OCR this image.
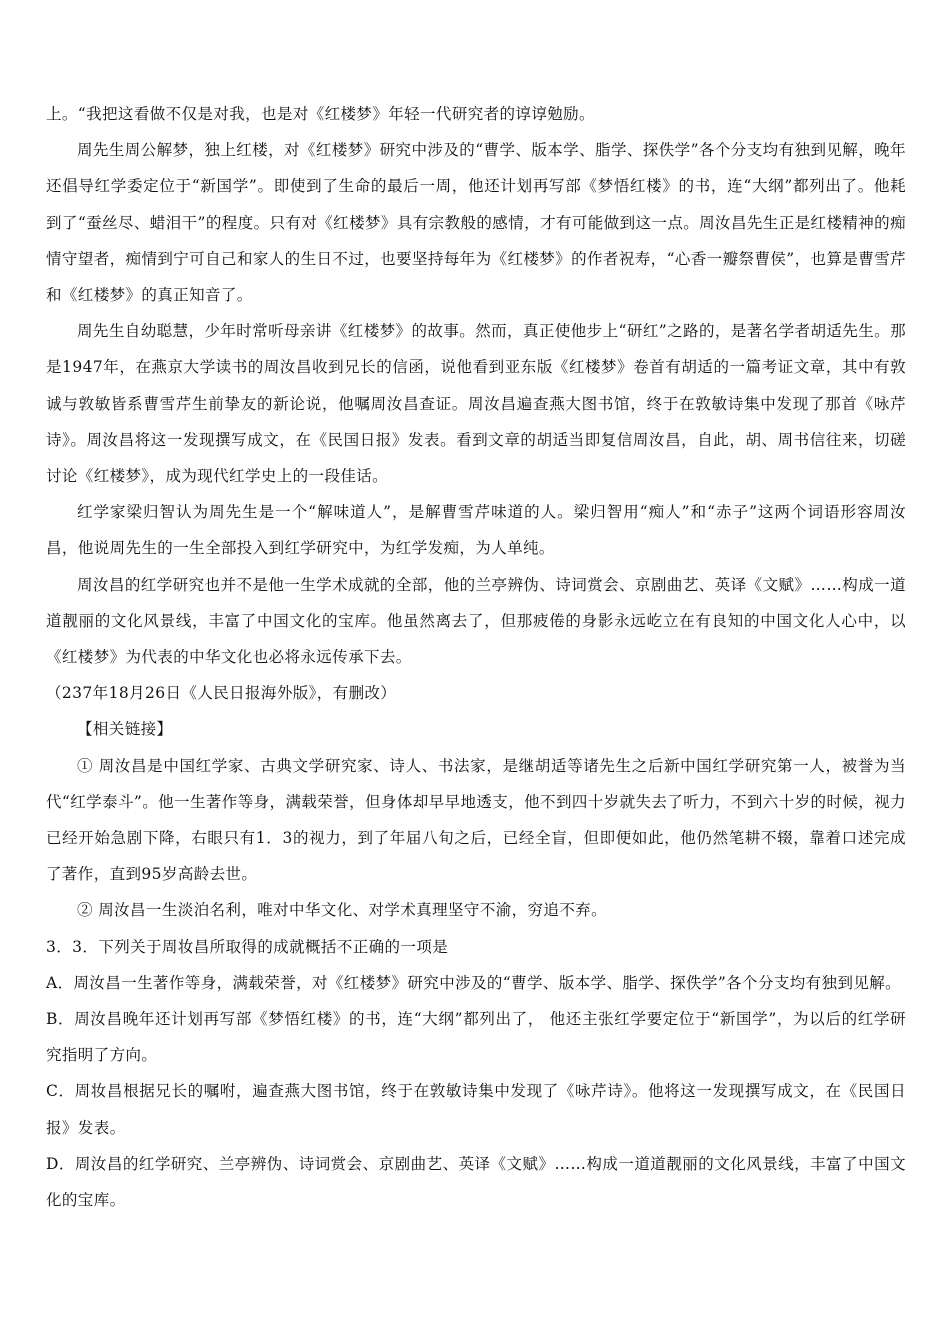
上。“我把这看做不仅是对我，也是对《红楼梦》年轻一代研究者的谆谆勉励。

周先生周公解梦，独上红楼，对《红楼梦》研究中涉及的“曹学、版本学、脂学、探佚学”各个分支均有独到见解，晚年还倡导红学委定位于“新国学”。即使到了生命的最后一周，他还计划再写部《梦悟红楼》的书，连“大纲”都列出了。他耗到了“蚕丝尽、蜡泪干”的程度。只有对《红楼梦》具有宗教般的感情，才有可能做到这一点。周汝昌先生正是红楼精神的痴情守望者，痴情到宁可自己和家人的生日不过，也要坚持每年为《红楼梦》的作者祝寿，“心香一瓣祭曹侯”，也算是曹雪芹和《红楼梦》的真正知音了。

周先生自幼聪慧，少年时常听母亲讲《红楼梦》的故事。然而，真正使他步上“研红”之路的，是著名学者胡适先生。那是1947年，在燕京大学读书的周汝昌收到兄长的信函，说他看到亚东版《红楼梦》卷首有胡适的一篇考证文章，其中有敦诚与敦敏皆系曹雪芹生前挚友的新论说，他嘱周汝昌查证。周汝昌遍查燕大图书馆，终于在敦敏诗集中发现了那首《咏芹诗》。周汝昌将这一发现撰写成文，在《民国日报》发表。看到文章的胡适当即复信周汝昌，自此，胡、周书信往来，切磋讨论《红楼梦》，成为现代红学史上的一段佳话。

红学家梁归智认为周先生是一个“解味道人”，是解曹雪芹味道的人。梁归智用“痴人”和“赤子”这两个词语形容周汝昌，他说周先生的一生全部投入到红学研究中，为红学发痴，为人单纯。

周汝昌的红学研究也并不是他一生学术成就的全部，他的兰亭辨伪、诗词赏会、京剧曲艺、英译《文赋》……构成一道道靓丽的文化风景线，丰富了中国文化的宝库。他虽然离去了，但那疲倦的身影永远屹立在有良知的中国文化人心中，以《红楼梦》为代表的中华文化也必将永远传承下去。

（237年18月26日《人民日报海外版》，有删改）

【相关链接】

① 周汝昌是中国红学家、古典文学研究家、诗人、书法家，是继胡适等诸先生之后新中国红学研究第一人，被誉为当代“红学泰斗”。他一生著作等身，满载荣誉，但身体却早早地透支，他不到四十岁就失去了听力，不到六十岁的时候，视力已经开始急剧下降，右眼只有1．3的视力，到了年届八旬之后，已经全盲，但即便如此，他仍然笔耕不辍，靠着口述完成了著作，直到95岁高龄去世。

② 周汝昌一生淡泊名利，唯对中华文化、对学术真理坚守不渝，穷追不弃。

3．3．下列关于周妆昌所取得的成就概括不正确的一项是

A．周汝昌一生著作等身，满载荣誉，对《红楼梦》研究中涉及的“曹学、版本学、脂学、探佚学”各个分支均有独到见解。

B．周汝昌晚年还计划再写部《梦悟红楼》的书，连“大纲”都列出了， 他还主张红学要定位于“新国学”，为以后的红学研究指明了方向。

C．周妆昌根据兄长的嘱咐，遍查燕大图书馆，终于在敦敏诗集中发现了《咏芹诗》。他将这一发现撰写成文，在《民国日报》发表。

D．周汝昌的红学研究、兰亭辨伪、诗词赏会、京剧曲艺、英译《文赋》……构成一道道靓丽的文化风景线，丰富了中国文化的宝库。
